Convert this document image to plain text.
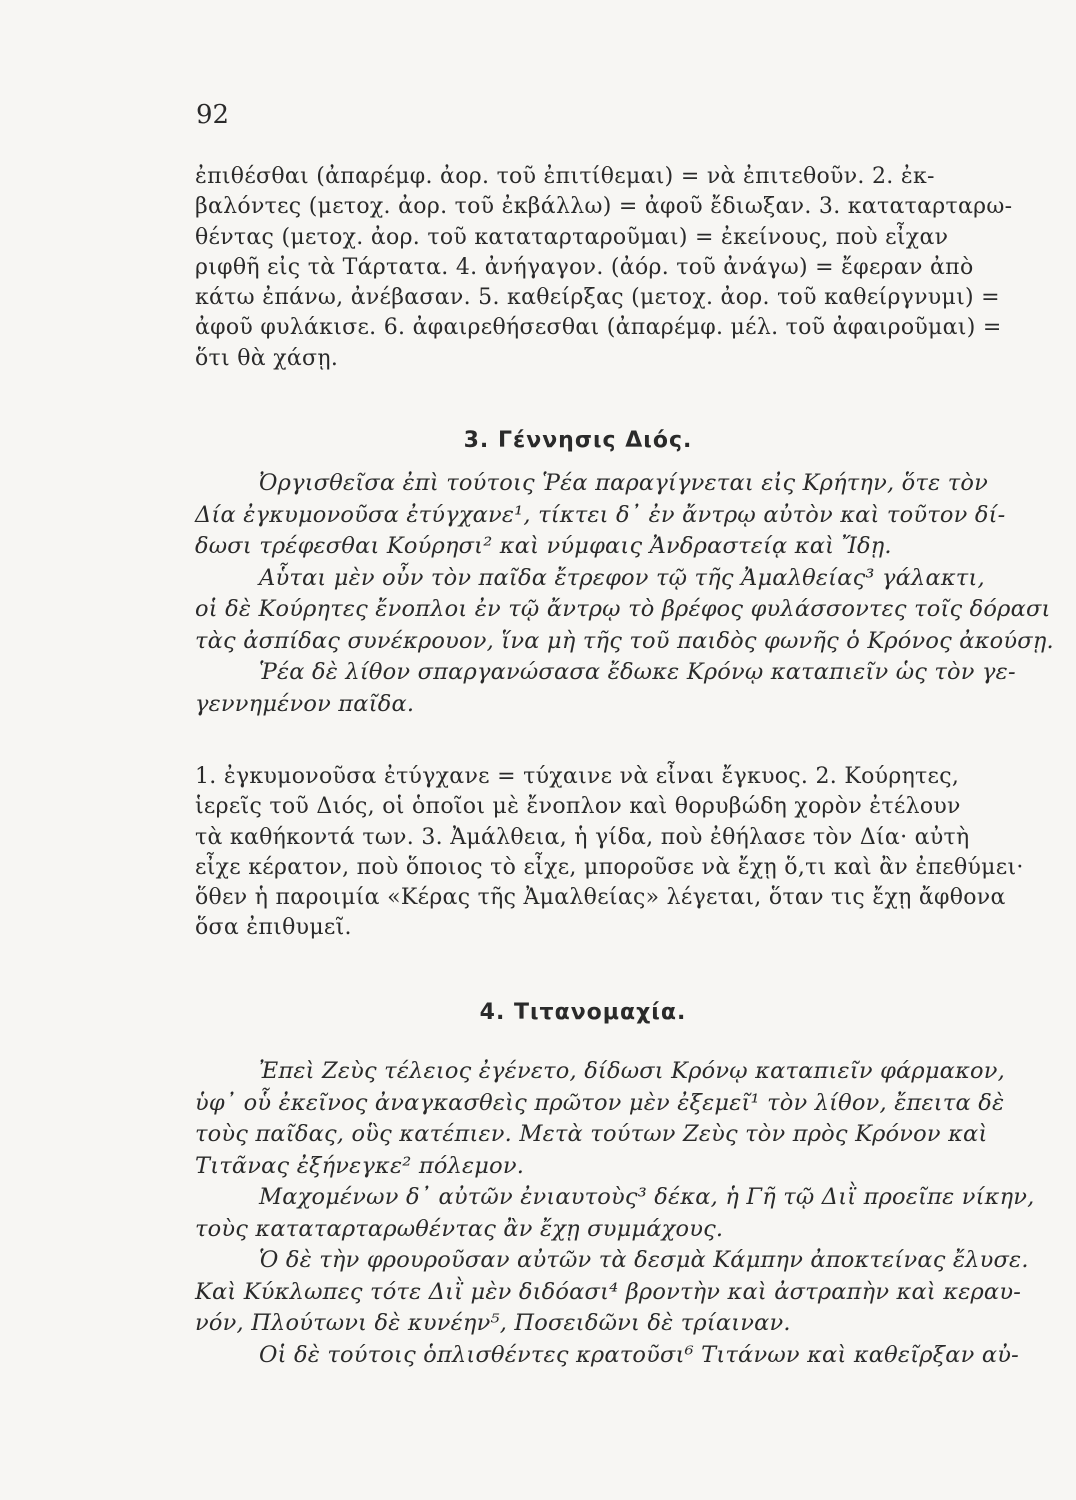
92
ἐπιθέσθαι (ἀπαρέμφ. ἀορ. τοῦ ἐπιτίθεμαι) = νὰ ἐπιτεθοῦν. 2. ἐκ-
βαλόντες (μετοχ. ἀορ. τοῦ ἐκβάλλω) = ἀφοῦ ἔδιωξαν. 3. καταταρταρω-
θέντας (μετοχ. ἀορ. τοῦ καταταρταροῦμαι) = ἐκείνους, ποὺ εἶχαν
ριφθῆ εἰς τὰ Τάρτατα. 4. ἀνήγαγον. (ἀόρ. τοῦ ἀνάγω) = ἔφεραν ἀπὸ
κάτω ἐπάνω, ἀνέβασαν. 5. καθείρξας (μετοχ. ἀορ. τοῦ καθείργνυμι) =
ἀφοῦ φυλάκισε. 6. ἀφαιρεθήσεσθαι (ἀπαρέμφ. μέλ. τοῦ ἀφαιροῦμαι) =
ὅτι θὰ χάσῃ.
3. Γέννησις Διός.
Ὀργισθεῖσα ἐπὶ τούτοις Ῥέα παραγίγνεται εἰς Κρήτην, ὅτε τὸν
Δία ἐγκυμονοῦσα ἐτύγχανε¹, τίκτει δ᾽ ἐν ἄντρῳ αὐτὸν καὶ τοῦτον δί-
δωσι τρέφεσθαι Κούρησι² καὶ νύμφαις Ἀνδραστείᾳ καὶ Ἴδῃ.
Αὗται μὲν οὖν τὸν παῖδα ἔτρεφον τῷ τῆς Ἀμαλθείας³ γάλακτι,
οἱ δὲ Κούρητες ἔνοπλοι ἐν τῷ ἄντρῳ τὸ βρέφος φυλάσσοντες τοῖς δόρασι
τὰς ἀσπίδας συνέκρουον, ἵνα μὴ τῆς τοῦ παιδὸς φωνῆς ὁ Κρόνος ἀκούσῃ.
Ῥέα δὲ λίθον σπαργανώσασα ἔδωκε Κρόνῳ καταπιεῖν ὡς τὸν γε-
γεννημένον παῖδα.
1. ἐγκυμονοῦσα ἐτύγχανε = τύχαινε νὰ εἶναι ἔγκυος. 2. Κούρητες,
ἱερεῖς τοῦ Διός, οἱ ὁποῖοι μὲ ἔνοπλον καὶ θορυβώδη χορὸν ἐτέλουν
τὰ καθήκοντά των. 3. Ἀμάλθεια, ἡ γίδα, ποὺ ἐθήλασε τὸν Δία· αὐτὴ
εἶχε κέρατον, ποὺ ὅποιος τὸ εἶχε, μποροῦσε νὰ ἔχῃ ὅ,τι καὶ ἂν ἐπεθύμει·
ὅθεν ἡ παροιμία «Κέρας τῆς Ἀμαλθείας» λέγεται, ὅταν τις ἔχῃ ἄφθονα
ὅσα ἐπιθυμεῖ.
4. Τιτανομαχία.
Ἐπεὶ Ζεὺς τέλειος ἐγένετο, δίδωσι Κρόνῳ καταπιεῖν φάρμακον,
ὑφ᾽ οὗ ἐκεῖνος ἀναγκασθεὶς πρῶτον μὲν ἐξεμεῖ¹ τὸν λίθον, ἔπειτα δὲ
τοὺς παῖδας, οὓς κατέπιεν. Μετὰ τούτων Ζεὺς τὸν πρὸς Κρόνον καὶ
Τιτᾶνας ἐξήνεγκε² πόλεμον.
Μαχομένων δ᾽ αὐτῶν ἐνιαυτοὺς³ δέκα, ἡ Γῆ τῷ Διῒ προεῖπε νίκην,
τοὺς καταταρταρωθέντας ἂν ἔχῃ συμμάχους.
Ὁ δὲ τὴν φρουροῦσαν αὐτῶν τὰ δεσμὰ Κάμπην ἀποκτείνας ἔλυσε.
Καὶ Κύκλωπες τότε Διῒ μὲν διδόασι⁴ βροντὴν καὶ ἀστραπὴν καὶ κεραυ-
νόν, Πλούτωνι δὲ κυνέην⁵, Ποσειδῶνι δὲ τρίαιναν.
Οἱ δὲ τούτοις ὁπλισθέντες κρατοῦσι⁶ Τιτάνων καὶ καθεῖρξαν αὐ-
